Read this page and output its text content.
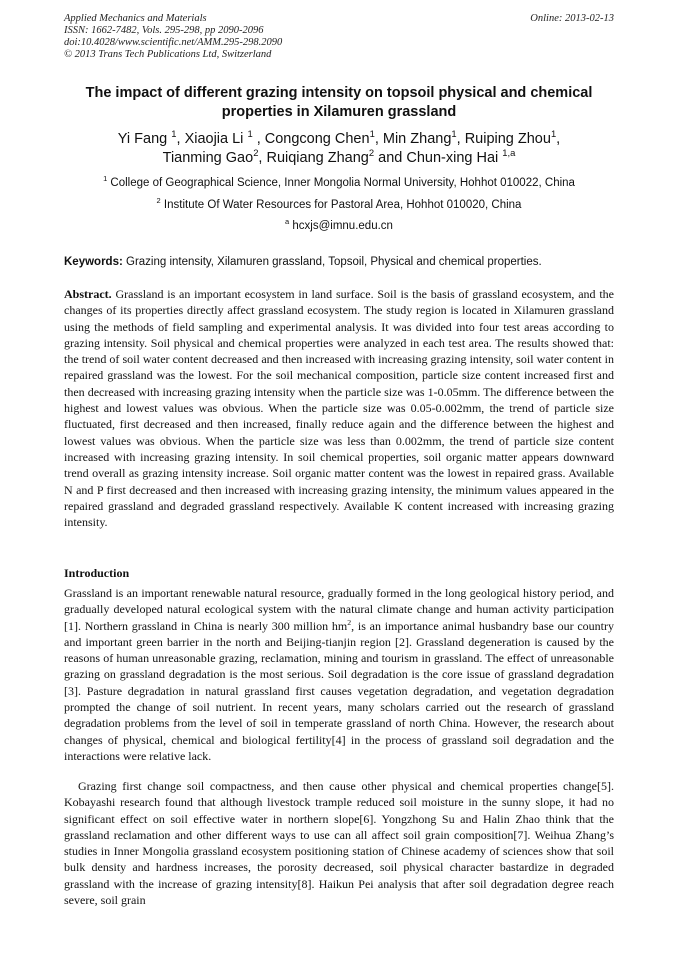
Applied Mechanics and Materials
ISSN: 1662-7482, Vols. 295-298, pp 2090-2096
doi:10.4028/www.scientific.net/AMM.295-298.2090
© 2013 Trans Tech Publications Ltd, Switzerland
Online: 2013-02-13
The impact of different grazing intensity on topsoil physical and chemical properties in Xilamuren grassland
Yi Fang $^1$, Xiaojia Li $^1$ , Congcong Chen$^1$, Min Zhang$^1$, Ruiping Zhou$^1$,
Tianming Gao$^2$, Ruiqiang Zhang$^2$ and Chun-xing Hai $^{1,a}$
$^1$ College of Geographical Science, Inner Mongolia Normal University, Hohhot 010022, China
$^2$ Institute Of Water Resources for Pastoral Area, Hohhot 010020, China
$^a$ hcxjs@imnu.edu.cn
Keywords: Grazing intensity, Xilamuren grassland, Topsoil, Physical and chemical properties.

Abstract. Grassland is an important ecosystem in land surface. Soil is the basis of grassland ecosystem, and the changes of its properties directly affect grassland ecosystem. The study region is located in Xilamuren grassland using the methods of field sampling and experimental analysis. It was divided into four test areas according to grazing intensity. Soil physical and chemical properties were analyzed in each test area. The results showed that: the trend of soil water content decreased and then increased with increasing grazing intensity, soil water content in repaired grassland was the lowest. For the soil mechanical composition, particle size content increased first and then decreased with increasing grazing intensity when the particle size was 1-0.05mm. The difference between the highest and lowest values was obvious. When the particle size was 0.05-0.002mm, the trend of particle size fluctuated, first decreased and then increased, finally reduce again and the difference between the highest and lowest values was obvious. When the particle size was less than 0.002mm, the trend of particle size content increased with increasing grazing intensity. In soil chemical properties, soil organic matter appears downward trend overall as grazing intensity increase. Soil organic matter content was the lowest in repaired grass. Available N and P first decreased and then increased with increasing grazing intensity, the minimum values appeared in the repaired grassland and degraded grassland respectively. Available K content increased with increasing grazing intensity.

Introduction

Grassland is an important renewable natural resource, gradually formed in the long geological history period, and gradually developed natural ecological system with the natural climate change and human activity participation [1]. Northern grassland in China is nearly 300 million $hm^2$, is an importance animal husbandry base our country and important green barrier in the north and Beijing-tianjin region [2]. Grassland degeneration is caused by the reasons of human unreasonable grazing, reclamation, mining and tourism in grassland. The effect of unreasonable grazing on grassland degradation is the most serious. Soil degradation is the core issue of grassland degradation [3]. Pasture degradation in natural grassland first causes vegetation degradation, and vegetation degradation prompted the change of soil nutrient. In recent years, many scholars carried out the research of grassland degradation problems from the level of soil in temperate grassland of north China. However, the research about changes of physical, chemical and biological fertility[4] in the process of grassland soil degradation and the interactions were relative lack.

Grazing first change soil compactness, and then cause other physical and chemical properties change[5]. Kobayashi research found that although livestock trample reduced soil moisture in the sunny slope, it had no significant effect on soil effective water in northern slope[6]. Yongzhong Su and Halin Zhao think that the grassland reclamation and other different ways to use can all affect soil grain composition[7]. Weihua Zhang’s studies in Inner Mongolia grassland ecosystem positioning station of Chinese academy of sciences show that soil bulk density and hardness increases, the porosity decreased, soil physical character bastardize in degraded grassland with the increase of grazing intensity[8]. Haikun Pei analysis that after soil degradation degree reach severe, soil grain
